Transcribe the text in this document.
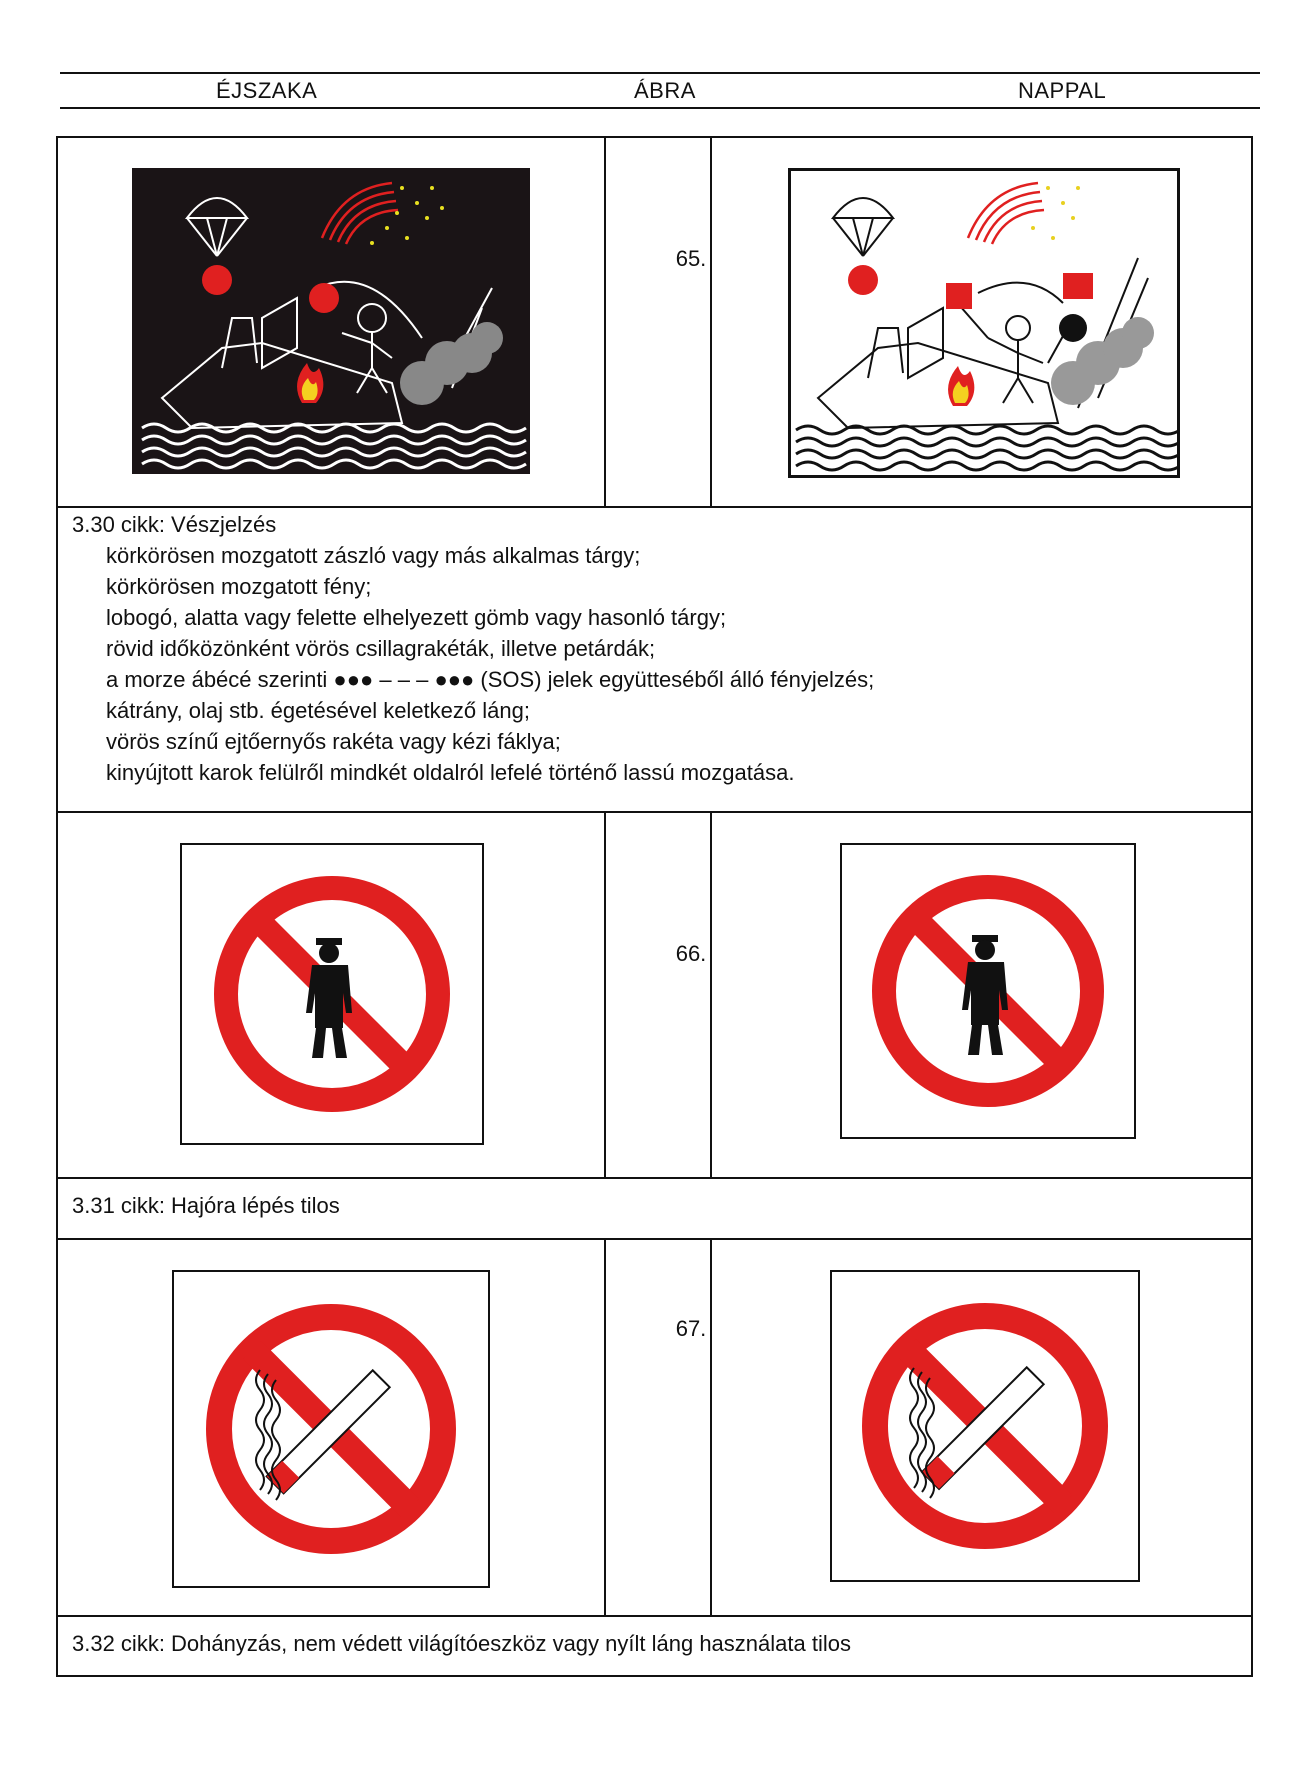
ÉJSZAKA	ÁBRA	NAPPAL
65.
3.30 cikk: Vészjelzés
körkörösen mozgatott zászló vagy más alkalmas tárgy;
körkörösen mozgatott fény;
lobogó, alatta vagy felette elhelyezett gömb vagy hasonló tárgy;
rövid időközönként vörös csillagrakéták, illetve petárdák;
a morze ábécé szerinti ●●● – – – ●●● (SOS) jelek együtteséből álló fényjelzés;
kátrány, olaj stb. égetésével keletkező láng;
vörös színű ejtőernyős rakéta vagy kézi fáklya;
kinyújtott karok felülről mindkét oldalról lefelé történő lassú mozgatása.
66.
3.31 cikk: Hajóra lépés tilos
67.
3.32 cikk: Dohányzás, nem védett világítóeszköz vagy nyílt láng használata tilos
